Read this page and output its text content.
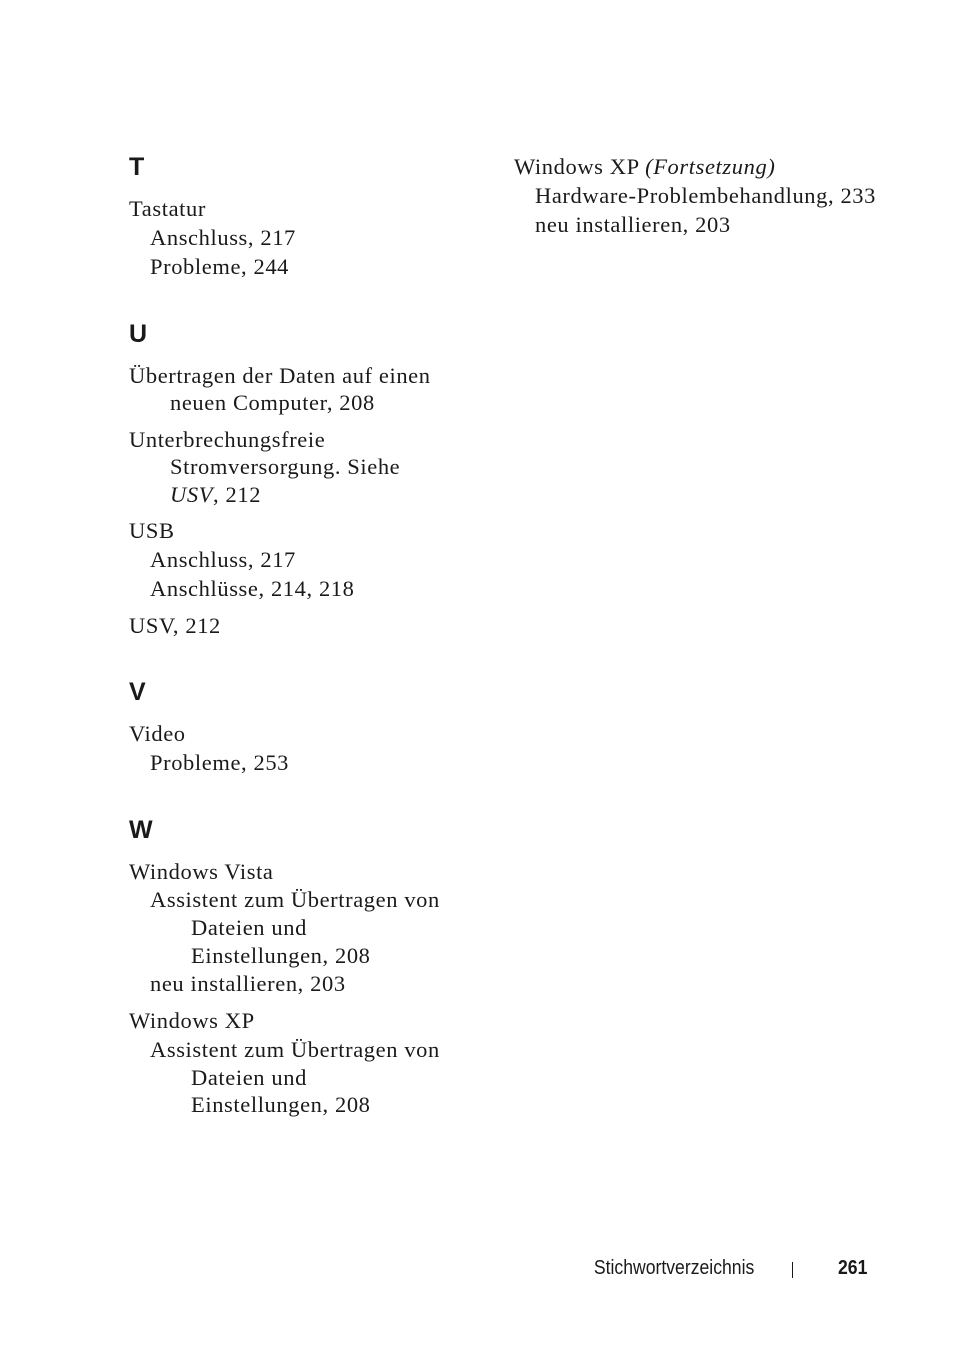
T
Tastatur
Anschluss, 217
Probleme, 244
U
Übertragen der Daten auf einen
neuen Computer, 208
Unterbrechungsfreie
Stromversorgung. Siehe
USV, 212
USB
Anschluss, 217
Anschlüsse, 214, 218
USV, 212
V
Video
Probleme, 253
W
Windows Vista
Assistent zum Übertragen von
Dateien und
Einstellungen, 208
neu installieren, 203
Windows XP
Assistent zum Übertragen von
Dateien und
Einstellungen, 208
Windows XP (Fortsetzung)
Hardware-Problembehandlung, 233
neu installieren, 203
Stichwortverzeichnis	261
